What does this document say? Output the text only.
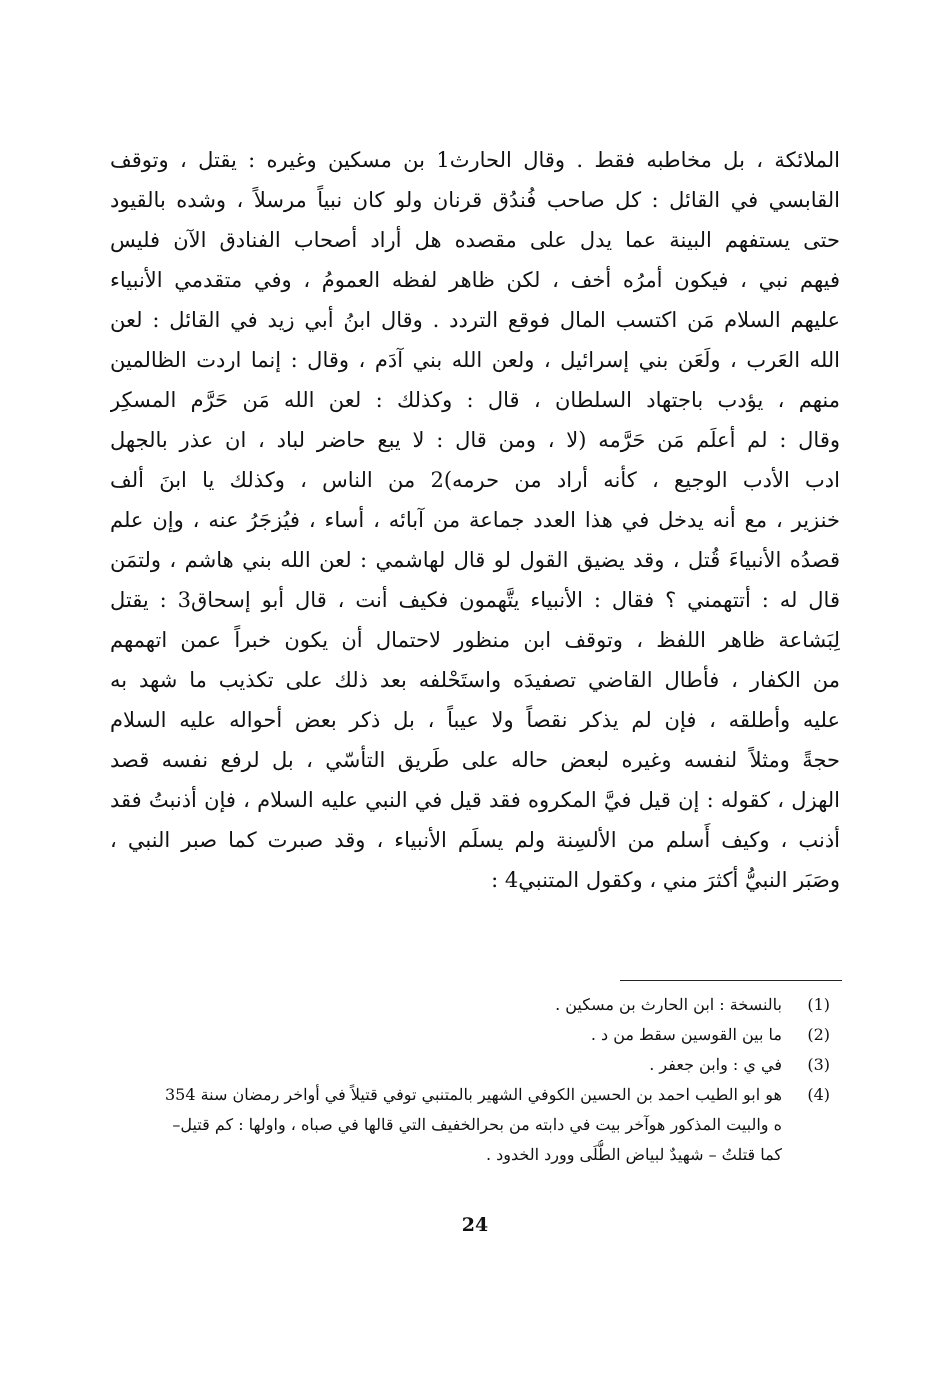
الملائكة ، بل مخاطبه فقط . وقال الحارث1 بن مسكين وغيره : يقتل ، وتوقف
القابسي في القائل : كل صاحب فُندُق قرنان ولو كان نبياً مرسلاً ، وشده بالقيود
حتى يستفهم البينة عما يدل على مقصده هل أراد أصحاب الفنادق الآن فليس
فيهم نبي ، فيكون أمرُه أخف ، لكن ظاهر لفظه العمومُ ، وفي متقدمي الأنبياء
عليهم السلام مَن اكتسب المال فوقع التردد . وقال ابنُ أبي زيد في القائل : لعن
الله العَرب ، ولَعَن بني إسرائيل ، ولعن الله بني آدَم ، وقال : إنما اردت الظالمين
منهم ، يؤدب باجتهاد السلطان ، قال : وكذلك : لعن الله مَن حَرَّم المسكِر
وقال : لم أعلَم مَن حَرَّمه (لا ، ومن قال : لا يبع حاضر لباد ، ان عذر بالجهل
ادب الأدب الوجيع ، كأنه أراد من حرمه)2 من الناس ، وكذلك يا ابنَ ألف
خنزير ، مع أنه يدخل في هذا العدد جماعة من آبائه ، أساء ، فيُزجَرُ عنه ، وإن علم
قصدُه الأنبياءَ قُتل ، وقد يضيق القول لو قال لهاشمي : لعن الله بني هاشم ، ولتمَن
قال له : أتتهمني ؟ فقال : الأنبياء يتَّهمون فكيف أنت ، قال أبو إسحاق3 : يقتل
لِبَشاعة ظاهر اللفظ ، وتوقف ابن منظور لاحتمال أن يكون خبراً عمن اتهمهم
من الكفار ، فأطال القاضي تصفيدَه واستَحْلفه بعد ذلك على تكذيب ما شهد به
عليه وأطلقه ، فإن لم يذكر نقصاً ولا عيباً ، بل ذكر بعض أحواله عليه السلام
حجةً ومثلاً لنفسه وغيره لبعض حاله على طَريق التأسّي ، بل لرفع نفسه قصد
الهزل ، كقوله : إن قيل فيَّ المكروه فقد قيل في النبي عليه السلام ، فإن أذنبتُ فقد
أذنب ، وكيف أَسلم من الألسِنة ولم يسلَم الأنبياء ، وقد صبرت كما صبر النبي ،
وصَبَر النبيُّ أكثرَ مني ، وكقول المتنبي4 :
(1)
بالنسخة : ابن الحارث بن مسكين .
(2)
ما بين القوسين سقط من د .
(3)
في ي : وابن جعفر .
(4)
هو ابو الطيب احمد بن الحسين الكوفي الشهير بالمتنبي توفي قتيلاً في أواخر رمضان سنة 354
ه والبيت المذكور هوآخر بيت في دابته من بحرالخفيف التي قالها في صباه ، واولها : كم قتيل–
كما قتلتُ – شهيدٌ لبياض الطُّلَى وورد الخدود .
24
